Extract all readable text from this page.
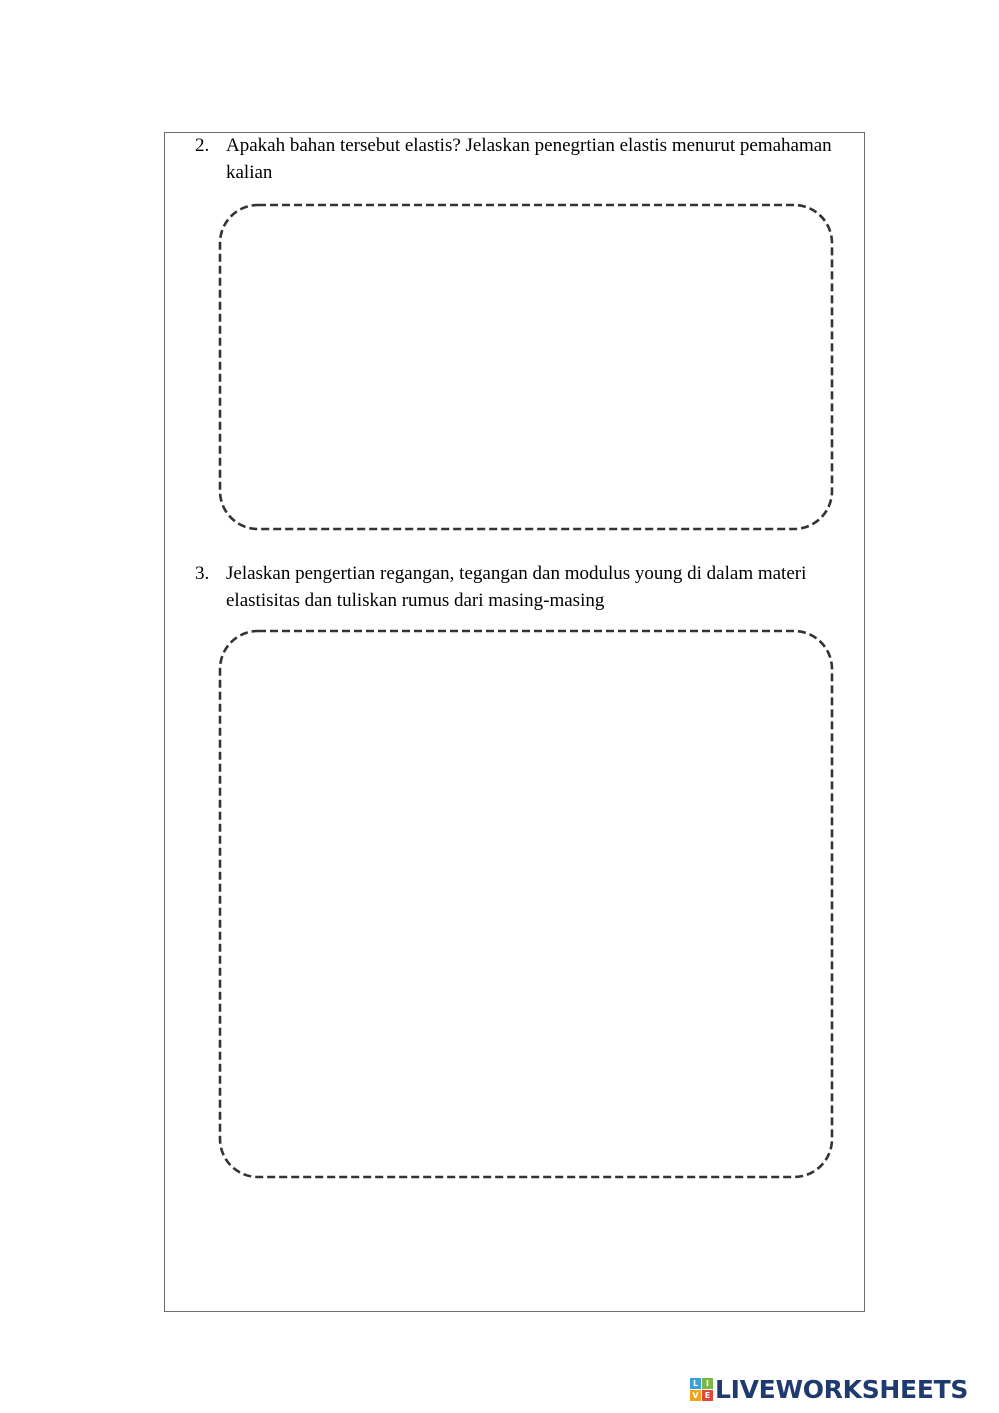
2. Apakah bahan tersebut elastis? Jelaskan penegrtian elastis menurut pemahaman kalian
3. Jelaskan pengertian regangan, tegangan dan modulus young di dalam materi elastisitas dan tuliskan rumus dari masing-masing
L I
V E LIVEWORKSHEETS
